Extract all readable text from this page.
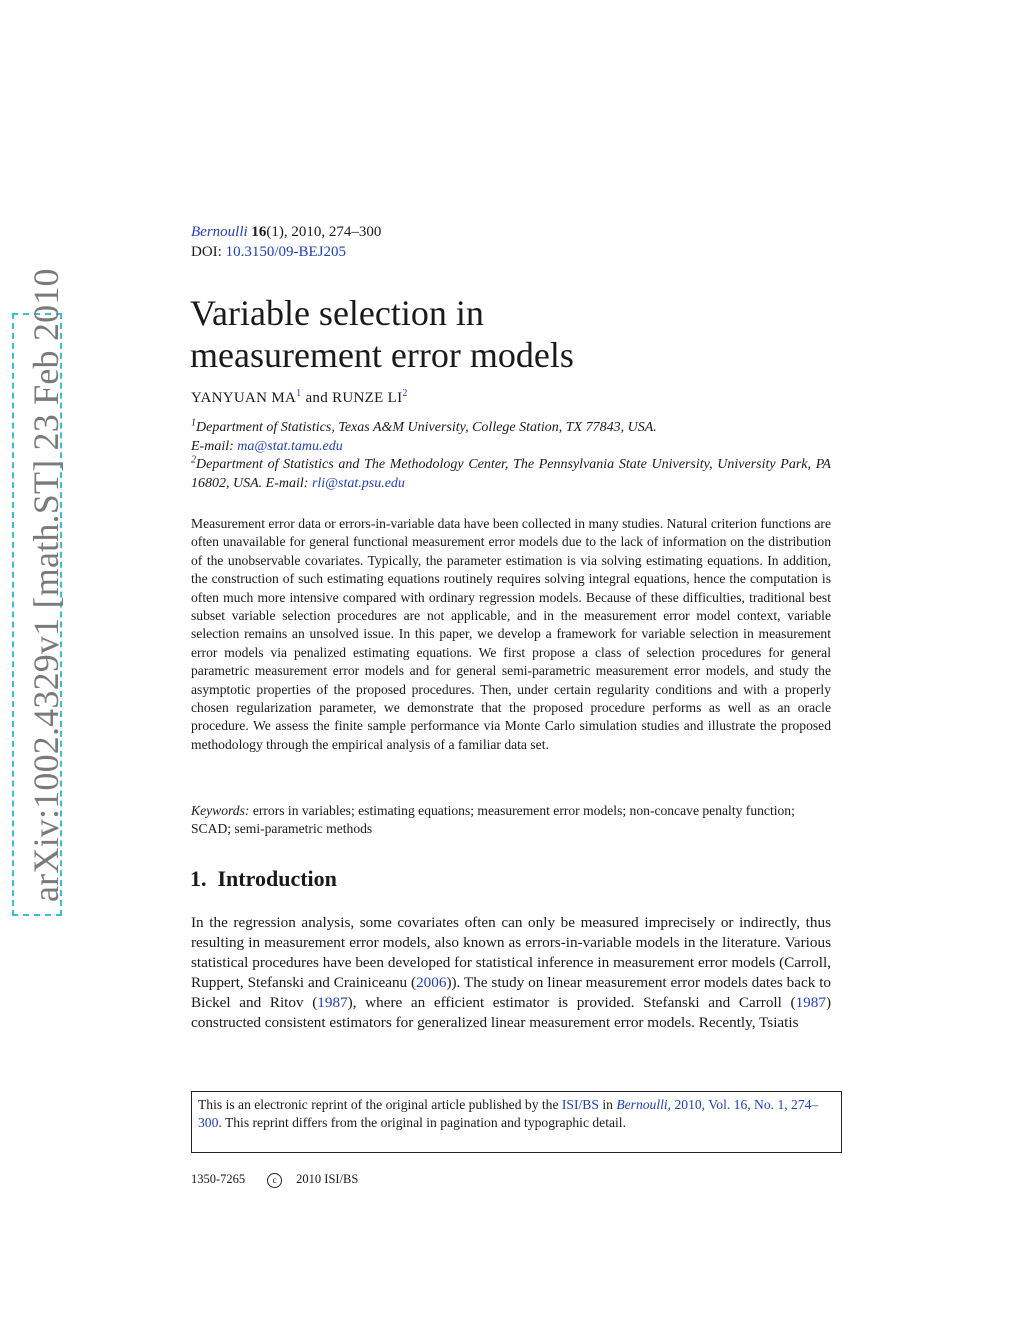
arXiv:1002.4329v1 [math.ST] 23 Feb 2010
Bernoulli 16(1), 2010, 274–300
DOI: 10.3150/09-BEJ205
Variable selection in measurement error models
YANYUAN $MA^1$ and RUNZE $LI^2$
$^1$Department of Statistics, Texas A&M University, College Station, TX 77843, USA.
E-mail: ma@stat.tamu.edu
$^2$Department of Statistics and The Methodology Center, The Pennsylvania State University, University Park, PA 16802, USA. E-mail: rli@stat.psu.edu
Measurement error data or errors-in-variable data have been collected in many studies. Natural criterion functions are often unavailable for general functional measurement error models due to the lack of information on the distribution of the unobservable covariates. Typically, the parameter estimation is via solving estimating equations. In addition, the construction of such estimating equations routinely requires solving integral equations, hence the computation is often much more intensive compared with ordinary regression models. Because of these difficulties, traditional best subset variable selection procedures are not applicable, and in the measurement error model context, variable selection remains an unsolved issue. In this paper, we develop a framework for variable selection in measurement error models via penalized estimating equations. We first propose a class of selection procedures for general parametric measurement error models and for general semi-parametric measurement error models, and study the asymptotic properties of the proposed procedures. Then, under certain regularity conditions and with a properly chosen regularization parameter, we demonstrate that the proposed procedure performs as well as an oracle procedure. We assess the finite sample performance via Monte Carlo simulation studies and illustrate the proposed methodology through the empirical analysis of a familiar data set.
Keywords: errors in variables; estimating equations; measurement error models; non-concave penalty function; SCAD; semi-parametric methods
1. Introduction
In the regression analysis, some covariates often can only be measured imprecisely or indirectly, thus resulting in measurement error models, also known as errors-in-variable models in the literature. Various statistical procedures have been developed for statistical inference in measurement error models (Carroll, Ruppert, Stefanski and Crainiceanu (2006)). The study on linear measurement error models dates back to Bickel and Ritov (1987), where an efficient estimator is provided. Stefanski and Carroll (1987) constructed consistent estimators for generalized linear measurement error models. Recently, Tsiatis
This is an electronic reprint of the original article published by the ISI/BS in Bernoulli, 2010, Vol. 16, No. 1, 274–300. This reprint differs from the original in pagination and typographic detail.
1350-7265	c 2010 ISI/BS
